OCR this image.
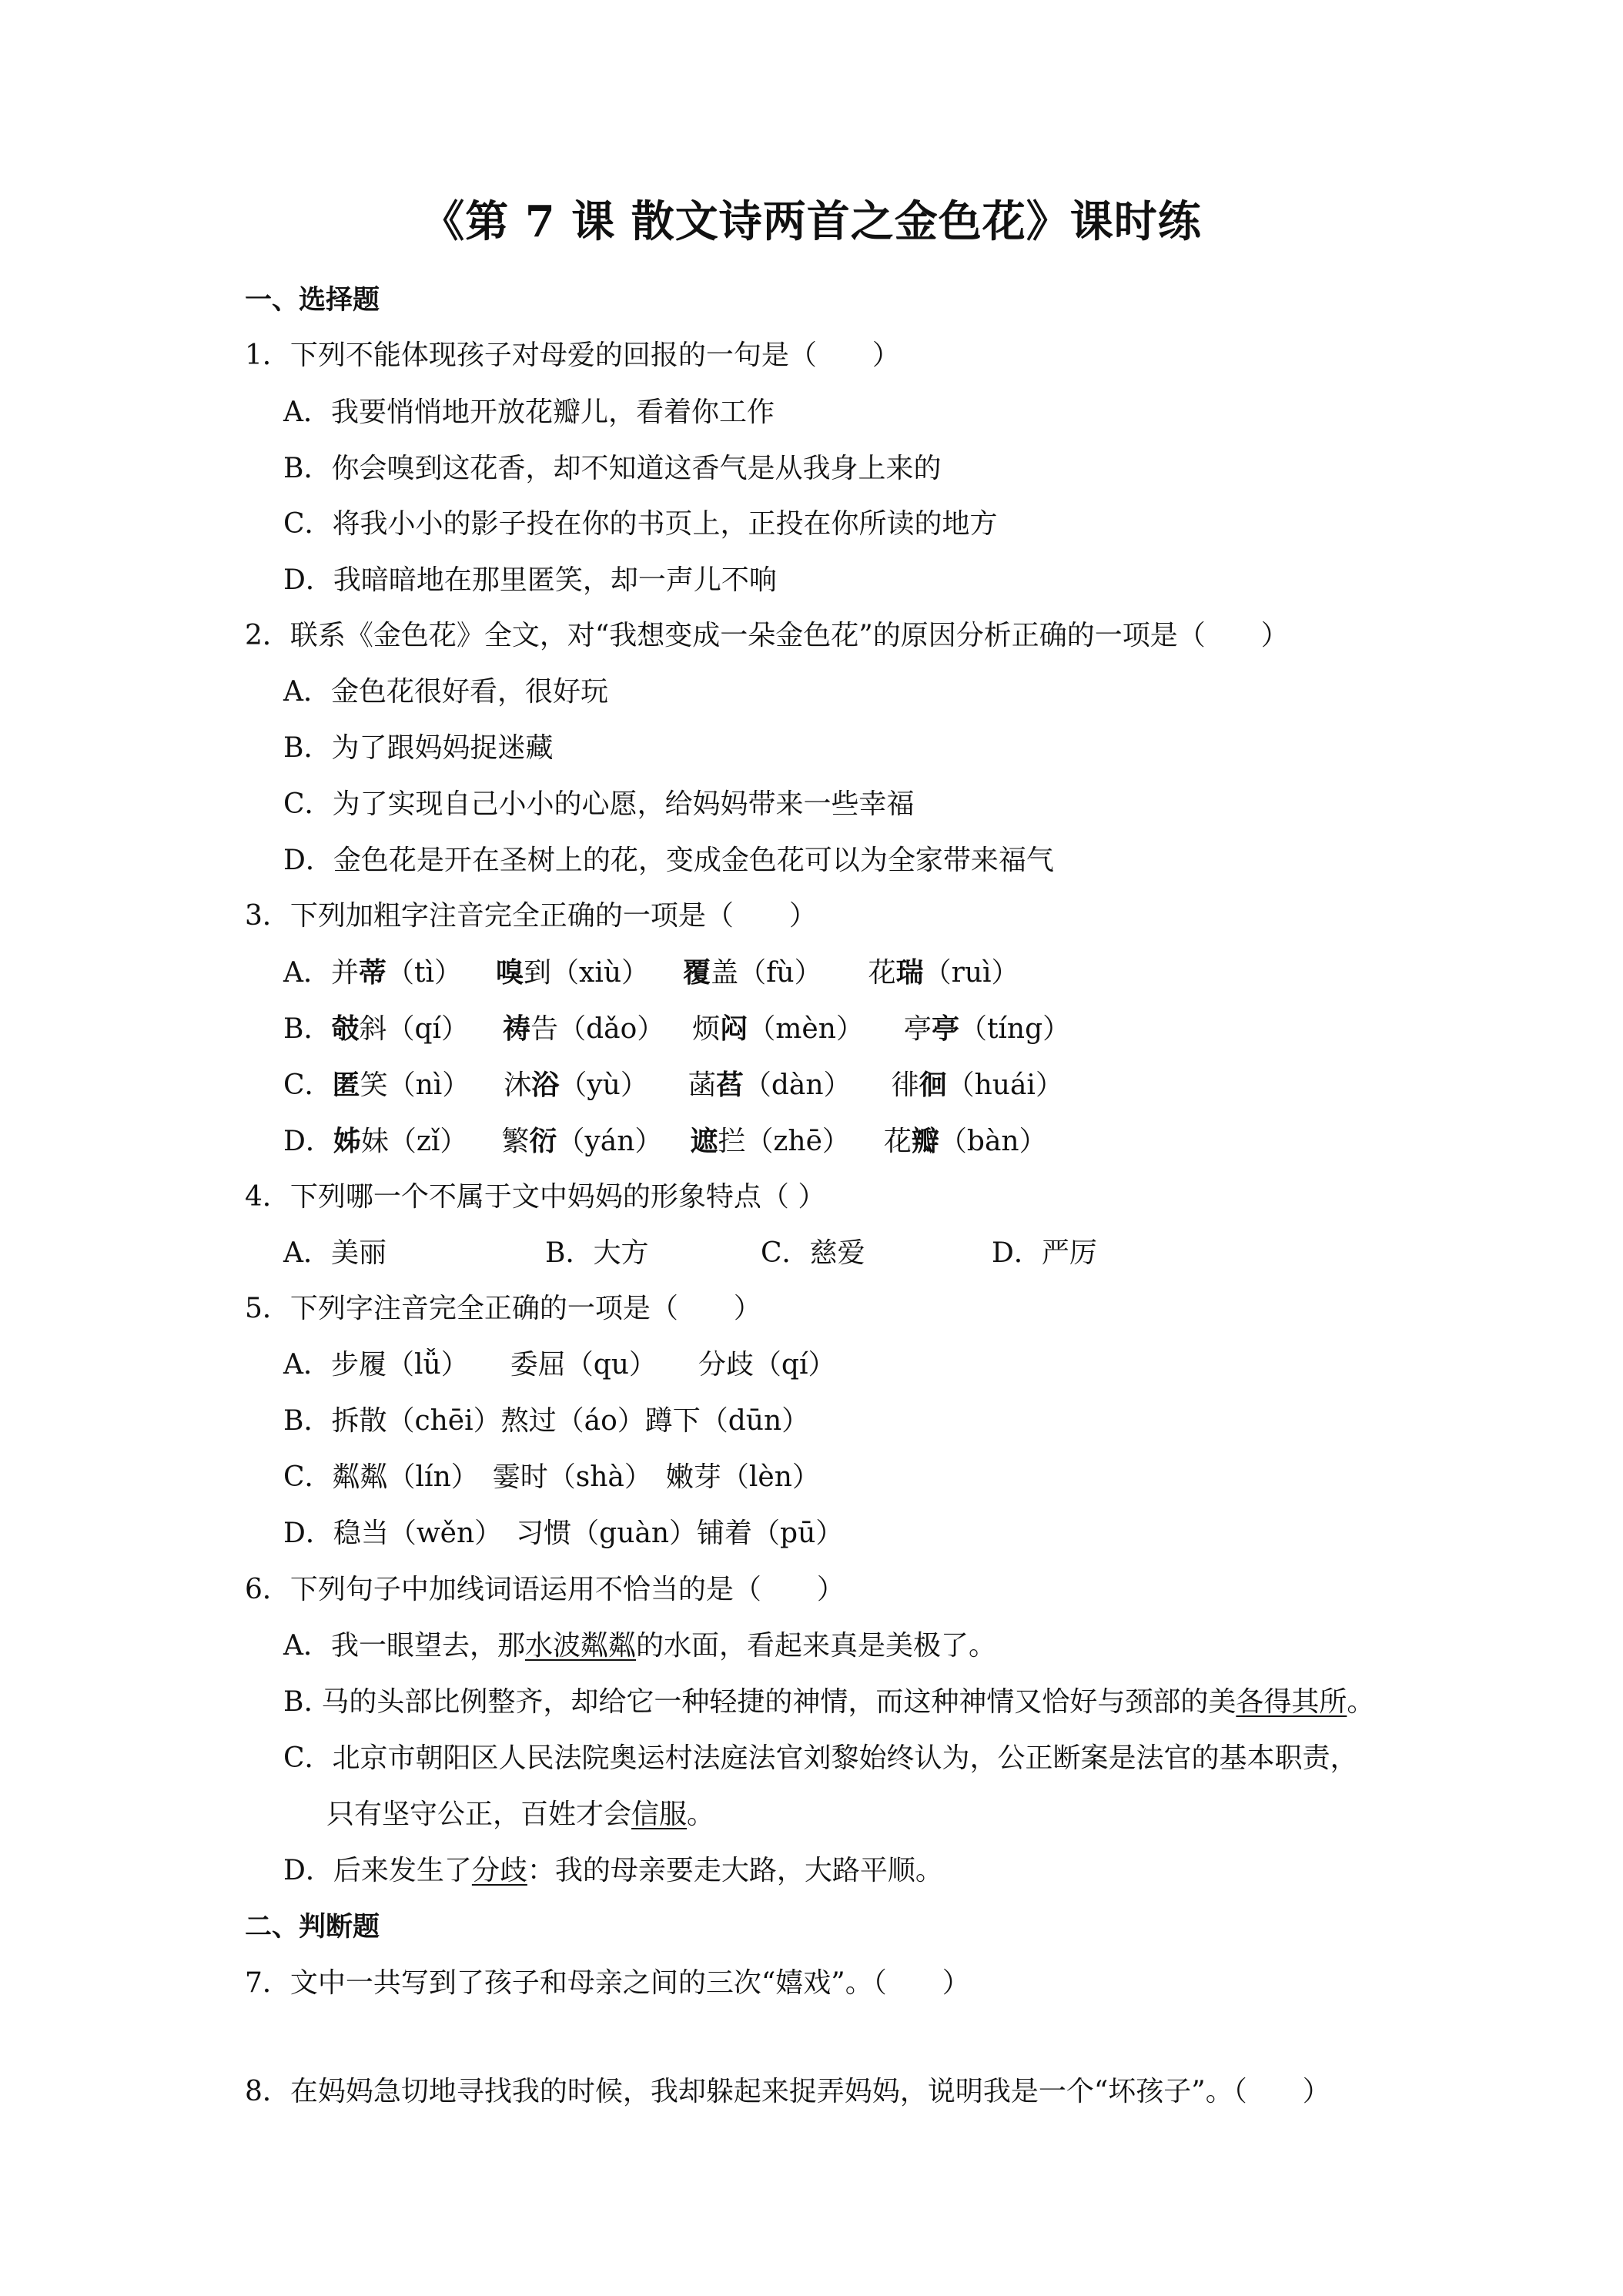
《第 7 课 散文诗两首之金色花》课时练
一、选择题
1．下列不能体现孩子对母爱的回报的一句是（　　）
A．我要悄悄地开放花瓣儿，看着你工作
B．你会嗅到这花香，却不知道这香气是从我身上来的
C．将我小小的影子投在你的书页上，正投在你所读的地方
D．我暗暗地在那里匿笑，却一声儿不响
2．联系《金色花》全文，对“我想变成一朵金色花”的原因分析正确的一项是（　　）
A．金色花很好看，很好玩
B．为了跟妈妈捉迷藏
C．为了实现自己小小的心愿，给妈妈带来一些幸福
D．金色花是开在圣树上的花，变成金色花可以为全家带来福气
3．下列加粗字注音完全正确的一项是（　　）
A．并蒂（tì） 嗅到（xiù） 覆盖（fù） 花瑞（ruì）
B．攲斜（qí） 祷告（dǎo） 烦闷（mèn） 亭亭（tíng）
C．匿笑（nì） 沐浴（yù） 菡萏（dàn） 徘徊（huái）
D．姊妹（zǐ） 繁衍（yán） 遮拦（zhē） 花瓣（bàn）
4．下列哪一个不属于文中妈妈的形象特点（ ）
A．美丽	B．大方	C．慈爱	D．严厉
5．下列字注音完全正确的一项是（　　）
A．步履（lǚ）　　委屈（qu）　　分歧（qí）
B．拆散（chēi）熬过（áo）蹲下（dūn）
C．粼粼（lín）　霎时（shà）　嫩芽（lèn）
D．稳当（wěn）　习惯（guàn）铺着（pū）
6．下列句子中加线词语运用不恰当的是（　　）
A．我一眼望去，那水波粼粼的水面，看起来真是美极了。
B. 马的头部比例整齐，却给它一种轻捷的神情，而这种神情又恰好与颈部的美各得其所。
C．北京市朝阳区人民法院奥运村法庭法官刘黎始终认为，公正断案是法官的基本职责，
只有坚守公正，百姓才会信服。
D．后来发生了分歧：我的母亲要走大路，大路平顺。
二、判断题
7．文中一共写到了孩子和母亲之间的三次“嬉戏”。（　　）
8．在妈妈急切地寻找我的时候，我却躲起来捉弄妈妈，说明我是一个“坏孩子”。（　　）
